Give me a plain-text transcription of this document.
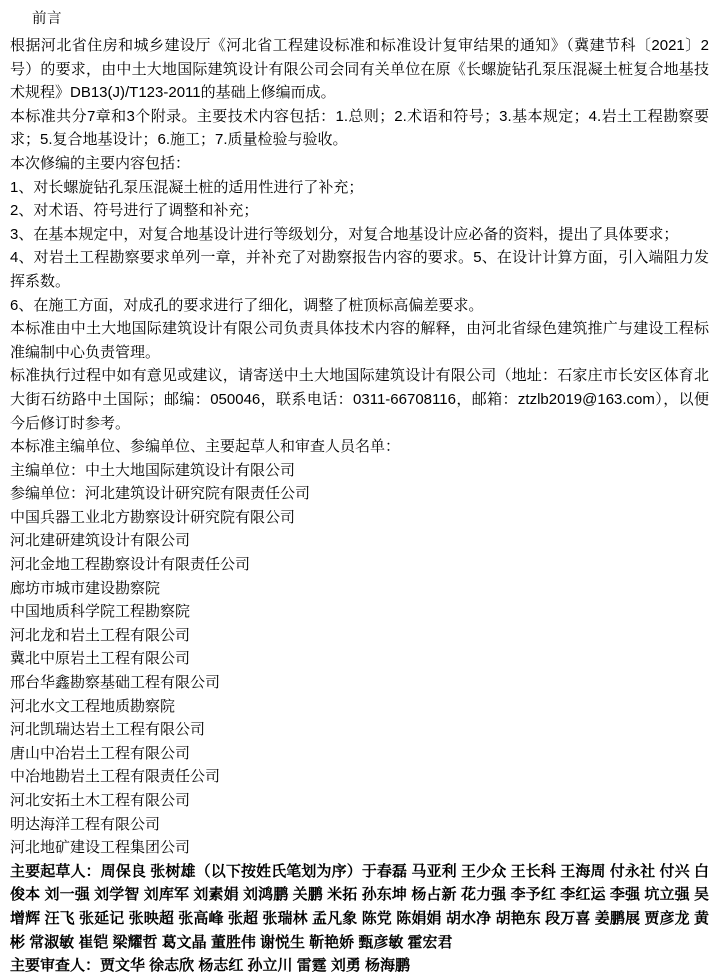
前言

根据河北省住房和城乡建设厅《河北省工程建设标准和标准设计复审结果的通知》（冀建节科〔2021〕2号）的要求，由中土大地国际建筑设计有限公司会同有关单位在原《长螺旋钻孔泵压混凝土桩复合地基技术规程》DB13(J)/T123-2011的基础上修编而成。

本标准共分7章和3个附录。主要技术内容包括：1.总则；2.术语和符号；3.基本规定；4.岩土工程勘察要求；5.复合地基设计；6.施工；7.质量检验与验收。

本次修编的主要内容包括：

1、对长螺旋钻孔泵压混凝土桩的适用性进行了补充；

2、对术语、符号进行了调整和补充；

3、在基本规定中，对复合地基设计进行等级划分，对复合地基设计应必备的资料，提出了具体要求；

4、对岩土工程勘察要求单列一章，并补充了对勘察报告内容的要求。5、在设计计算方面，引入端阻力发挥系数。

6、在施工方面，对成孔的要求进行了细化，调整了桩顶标高偏差要求。

本标准由中土大地国际建筑设计有限公司负责具体技术内容的解释，由河北省绿色建筑推广与建设工程标准编制中心负责管理。

标准执行过程中如有意见或建议，请寄送中土大地国际建筑设计有限公司（地址：石家庄市长安区体育北大街石纺路中土国际；邮编：050046，联系电话：0311-66708116，邮箱：ztzlb2019@163.com），以便今后修订时参考。

本标准主编单位、参编单位、主要起草人和审查人员名单：

主编单位：中土大地国际建筑设计有限公司

参编单位：河北建筑设计研究院有限责任公司

中国兵器工业北方勘察设计研究院有限公司

河北建研建筑设计有限公司

河北金地工程勘察设计有限责任公司

廊坊市城市建设勘察院

中国地质科学院工程勘察院

河北龙和岩土工程有限公司

冀北中原岩土工程有限公司

邢台华鑫勘察基础工程有限公司

河北水文工程地质勘察院

河北凯瑞达岩土工程有限公司

唐山中冶岩土工程有限公司

中冶地勘岩土工程有限责任公司

河北安拓土木工程有限公司

明达海洋工程有限公司

河北地矿建设工程集团公司

主要起草人：周保良 张树雄（以下按姓氏笔划为序）于春磊 马亚利 王少众 王长科 王海周 付永社 付兴 白俊本 刘一强 刘学智 刘库军 刘素娟 刘鸿鹏 关鹏 米拓 孙东坤 杨占新 花力强 李予红 李红运 李强 坑立强 吴增辉 汪飞 张延记 张映超 张高峰 张超 张瑞林 孟凡象 陈党 陈娟娟 胡水净 胡艳东 段万喜 姜鹏展 贾彦龙 黄彬 常淑敏 崔铠 梁耀哲 葛文晶 董胜伟 谢悦生 靳艳娇 甄彦敏 霍宏君

主要审查人：贾文华 徐志欣 杨志红 孙立川 雷霆 刘勇 杨海鹏
